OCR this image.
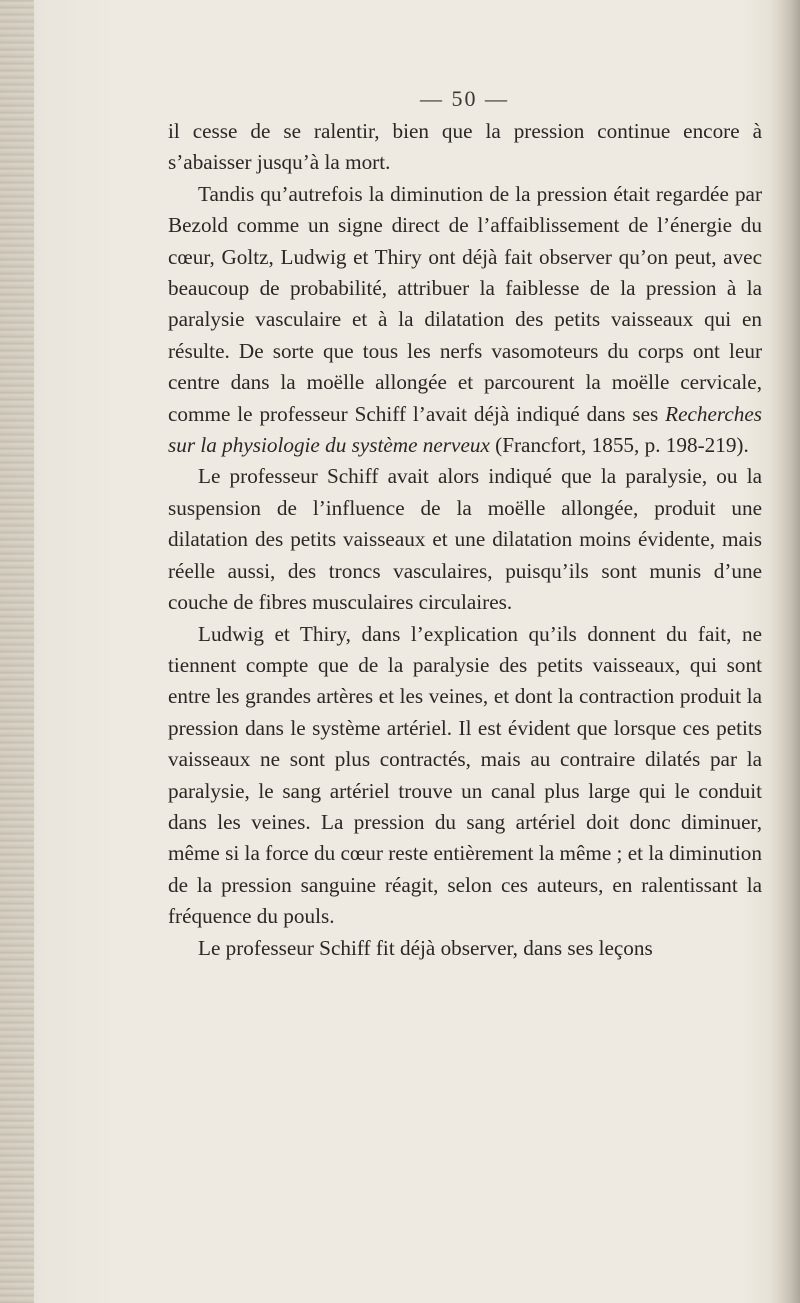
— 50 —

il cesse de se ralentir, bien que la pression continue encore à s’abaisser jusqu’à la mort.

Tandis qu’autrefois la diminution de la pression était regardée par Bezold comme un signe direct de l’affaiblissement de l’énergie du cœur, Goltz, Ludwig et Thiry ont déjà fait observer qu’on peut, avec beaucoup de probabilité, attribuer la faiblesse de la pression à la paralysie vasculaire et à la dilatation des petits vaisseaux qui en résulte. De sorte que tous les nerfs vasomoteurs du corps ont leur centre dans la moëlle allongée et parcourent la moëlle cervicale, comme le professeur Schiff l’avait déjà indiqué dans ses Recherches sur la physiologie du système nerveux (Francfort, 1855, p. 198-219).

Le professeur Schiff avait alors indiqué que la paralysie, ou la suspension de l’influence de la moëlle allongée, produit une dilatation des petits vaisseaux et une dilatation moins évidente, mais réelle aussi, des troncs vasculaires, puisqu’ils sont munis d’une couche de fibres musculaires circulaires.

Ludwig et Thiry, dans l’explication qu’ils donnent du fait, ne tiennent compte que de la paralysie des petits vaisseaux, qui sont entre les grandes artères et les veines, et dont la contraction produit la pression dans le système artériel. Il est évident que lorsque ces petits vaisseaux ne sont plus contractés, mais au contraire dilatés par la paralysie, le sang artériel trouve un canal plus large qui le conduit dans les veines. La pression du sang artériel doit donc diminuer, même si la force du cœur reste entièrement la même ; et la diminution de la pression sanguine réagit, selon ces auteurs, en ralentissant la fréquence du pouls.

Le professeur Schiff fit déjà observer, dans ses leçons
